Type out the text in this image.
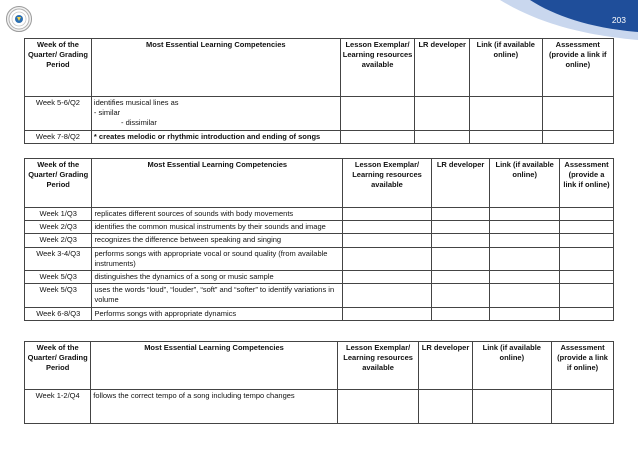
203
Week of the Quarter/ Grading Period	Most Essential Learning Competencies	Lesson Exemplar/ Learning resources available	LR developer	Link (if available online)	Assessment (provide a link if online)
Week 5-6/Q2	identifies musical lines as
- similar
- dissimilar				
Week 7-8/Q2	* creates melodic or rhythmic introduction and ending of songs				
Week of the Quarter/ Grading Period	Most Essential Learning Competencies	Lesson Exemplar/ Learning resources available	LR developer	Link (if available online)	Assessment (provide a link if online)
Week 1/Q3	replicates different sources of sounds with body movements				
Week 2/Q3	identifies the common musical instruments by their sounds and image				
Week 2/Q3	recognizes the difference between speaking and singing				
Week 3-4/Q3	performs songs with appropriate vocal or sound quality (from available instruments)				
Week 5/Q3	distinguishes the dynamics of a song or music sample				
Week 5/Q3	uses the words “loud”, “louder”, “soft” and “softer” to identify variations in volume				
Week 6-8/Q3	Performs songs with appropriate dynamics				
Week of the Quarter/ Grading Period	Most Essential Learning Competencies	Lesson Exemplar/ Learning resources available	LR developer	Link (if available online)	Assessment (provide a link if online)
Week 1-2/Q4	follows the correct tempo of a song including tempo changes				
